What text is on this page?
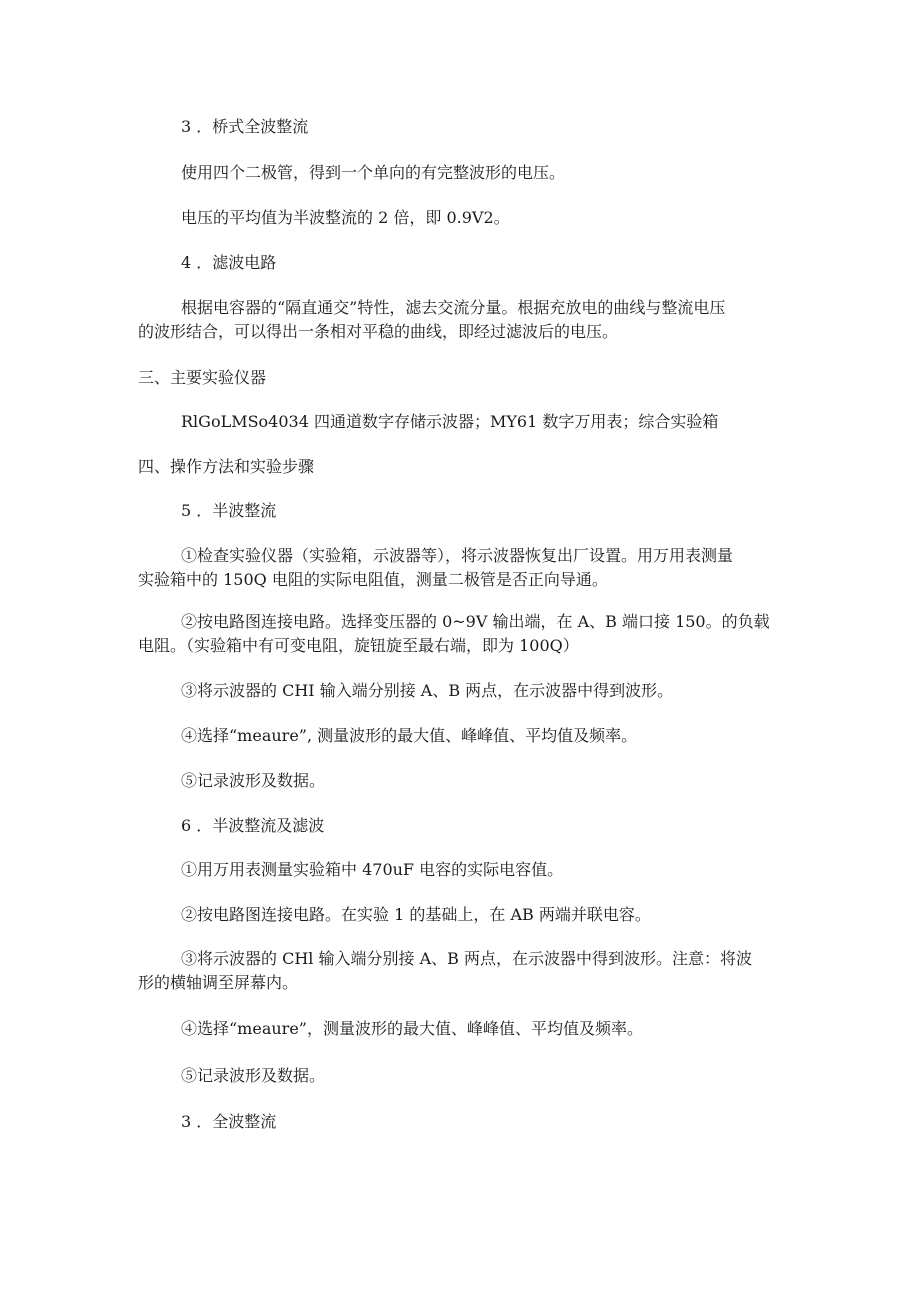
3 ．桥式全波整流

使用四个二极管，得到一个单向的有完整波形的电压。

电压的平均值为半波整流的 2 倍，即 0.9V2。

4 ．滤波电路

根据电容器的“隔直通交”特性，滤去交流分量。根据充放电的曲线与整流电压

的波形结合，可以得出一条相对平稳的曲线，即经过滤波后的电压。

三、主要实验仪器

RlGoLMSo4034 四通道数字存储示波器；MY61 数字万用表；综合实验箱

四、操作方法和实验步骤

5 ．半波整流

①检查实验仪器（实验箱，示波器等），将示波器恢复出厂设置。用万用表测量

实验箱中的 150Q 电阻的实际电阻值，测量二极管是否正向导通。

②按电路图连接电路。选择变压器的 0~9V 输出端，在 A、B 端口接 150。的负载

电阻。（实验箱中有可变电阻，旋钮旋至最右端，即为 100Q）

③将示波器的 CHI 输入端分别接 A、B 两点，在示波器中得到波形。

④选择“meaure”, 测量波形的最大值、峰峰值、平均值及频率。

⑤记录波形及数据。

6 ．半波整流及滤波

①用万用表测量实验箱中 470uF 电容的实际电容值。

②按电路图连接电路。在实验 1 的基础上，在 AB 两端并联电容。

③将示波器的 CHl 输入端分别接 A、B 两点，在示波器中得到波形。注意：将波

形的横轴调至屏幕内。

④选择“meaure”，测量波形的最大值、峰峰值、平均值及频率。

⑤记录波形及数据。

3 ．全波整流
